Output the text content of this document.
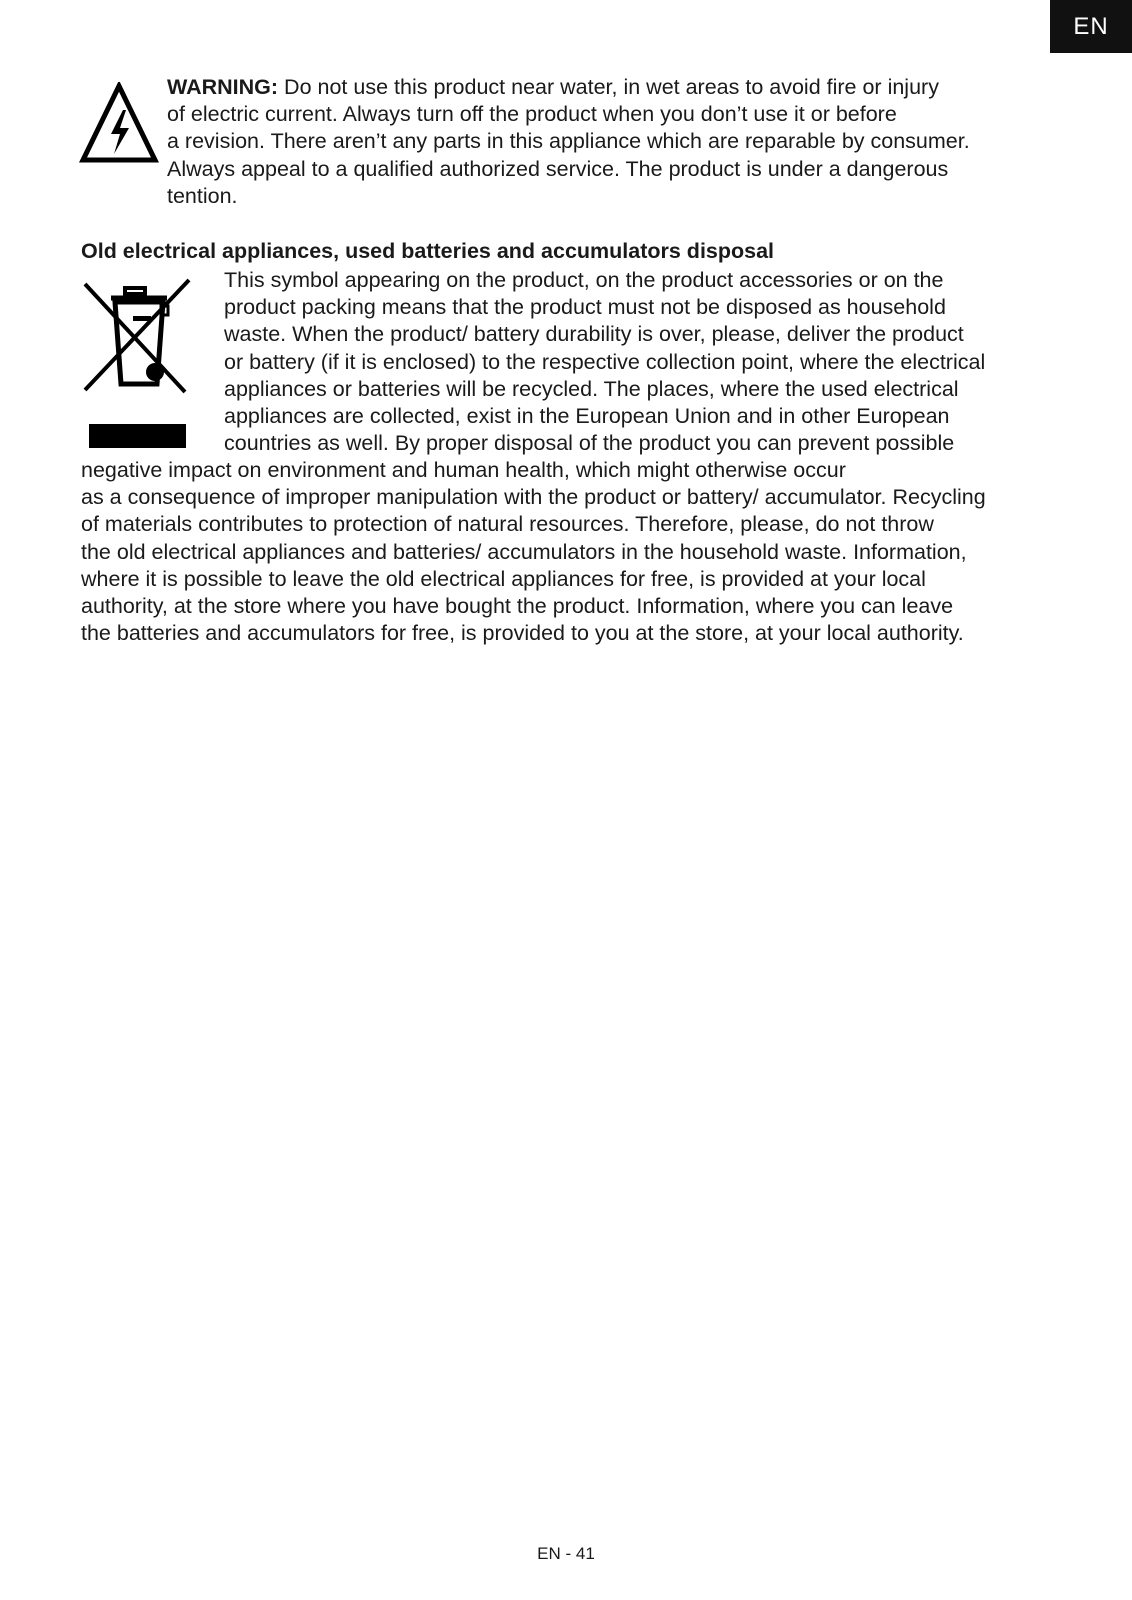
EN

WARNING: Do not use this product near water, in wet areas to avoid fire or injury
of electric current. Always turn off the product when you don’t use it or before
a revision. There aren’t any parts in this appliance which are reparable by consumer.
Always appeal to a qualified authorized service. The product is under a dangerous
tention.

Old electrical appliances, used batteries and accumulators disposal

This symbol appearing on the product, on the product accessories or on the
product packing means that the product must not be disposed as household
waste. When the product/ battery durability is over, please, deliver the product
or battery (if it is enclosed) to the respective collection point, where the electrical
appliances or batteries will be recycled. The places, where the used electrical
appliances are collected, exist in the European Union and in other European
countries as well. By proper disposal of the product you can prevent possible

negative impact on environment and human health, which might otherwise occur
as a consequence of improper manipulation with the product or battery/ accumulator. Recycling
of materials contributes to protection of natural resources. Therefore, please, do not throw
the old electrical appliances and batteries/ accumulators in the household waste. Information,
where it is possible to leave the old electrical appliances for free, is provided at your local
authority, at the store where you have bought the product. Information, where you can leave
the batteries and accumulators for free, is provided to you at the store, at your local authority.

EN - 41
